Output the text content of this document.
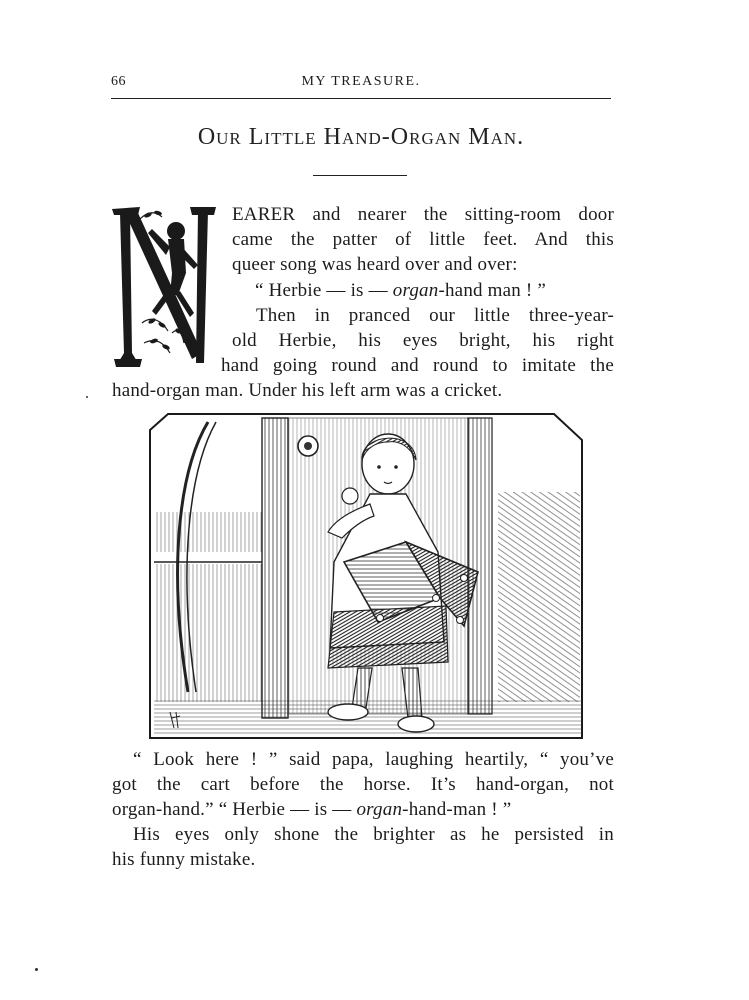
66	MY TREASURE.
Our Little Hand-Organ Man.
EARER and nearer the sitting-room door
came the patter of little feet. And this
queer song was heard over and over:
“ Herbie — is — organ-hand man ! ”
Then in pranced our little three-year-
old Herbie, his eyes bright, his right
hand going round and round to imitate the
hand-organ man. Under his left arm was a cricket.
“ Look here ! ” said papa, laughing heartily, “ you’ve
got the cart before the horse. It’s hand-organ, not
organ-hand.” “ Herbie — is — organ-hand-man ! ”
His eyes only shone the brighter as he persisted in
his funny mistake.
